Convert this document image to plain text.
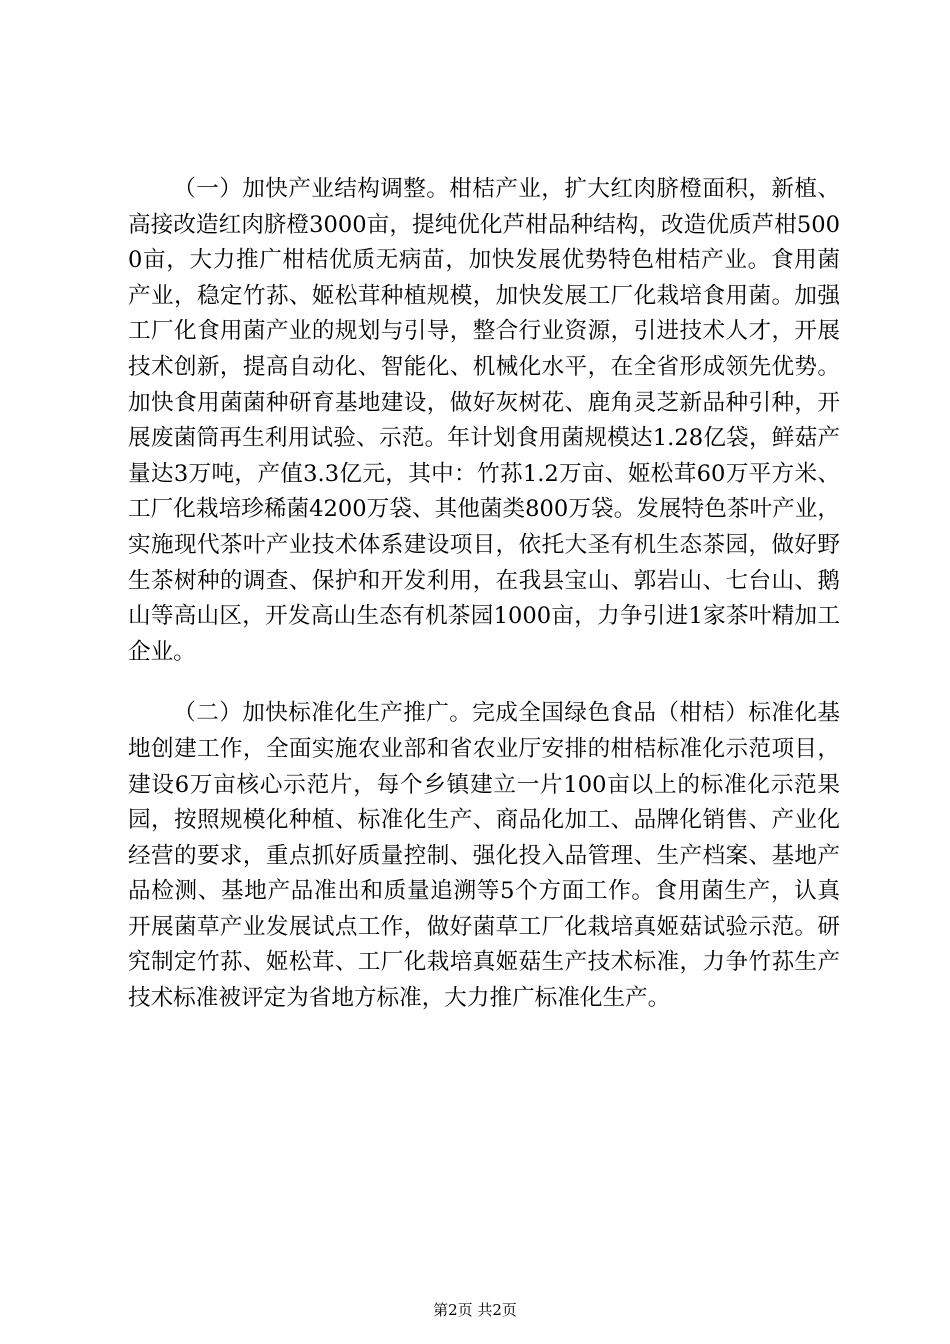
（一）加快产业结构调整。柑桔产业，扩大红肉脐橙面积，新植、高接改造红肉脐橙3000亩，提纯优化芦柑品种结构，改造优质芦柑5000亩，大力推广柑桔优质无病苗，加快发展优势特色柑桔产业。食用菌产业，稳定竹荪、姬松茸种植规模，加快发展工厂化栽培食用菌。加强工厂化食用菌产业的规划与引导，整合行业资源，引进技术人才，开展技术创新，提高自动化、智能化、机械化水平，在全省形成领先优势。加快食用菌菌种研育基地建设，做好灰树花、鹿角灵芝新品种引种，开展废菌筒再生利用试验、示范。年计划食用菌规模达1.28亿袋，鲜菇产量达3万吨，产值3.3亿元，其中：竹荪1.2万亩、姬松茸60万平方米、工厂化栽培珍稀菌4200万袋、其他菌类800万袋。发展特色茶叶产业，实施现代茶叶产业技术体系建设项目，依托大圣有机生态茶园，做好野生茶树种的调查、保护和开发利用，在我县宝山、郭岩山、七台山、鹅山等高山区，开发高山生态有机茶园1000亩，力争引进1家茶叶精加工企业。

（二）加快标准化生产推广。完成全国绿色食品（柑桔）标准化基地创建工作，全面实施农业部和省农业厅安排的柑桔标准化示范项目，建设6万亩核心示范片，每个乡镇建立一片100亩以上的标准化示范果园，按照规模化种植、标准化生产、商品化加工、品牌化销售、产业化经营的要求，重点抓好质量控制、强化投入品管理、生产档案、基地产品检测、基地产品准出和质量追溯等5个方面工作。食用菌生产，认真开展菌草产业发展试点工作，做好菌草工厂化栽培真姬菇试验示范。研究制定竹荪、姬松茸、工厂化栽培真姬菇生产技术标准，力争竹荪生产技术标准被评定为省地方标准，大力推广标准化生产。

第2页 共2页
